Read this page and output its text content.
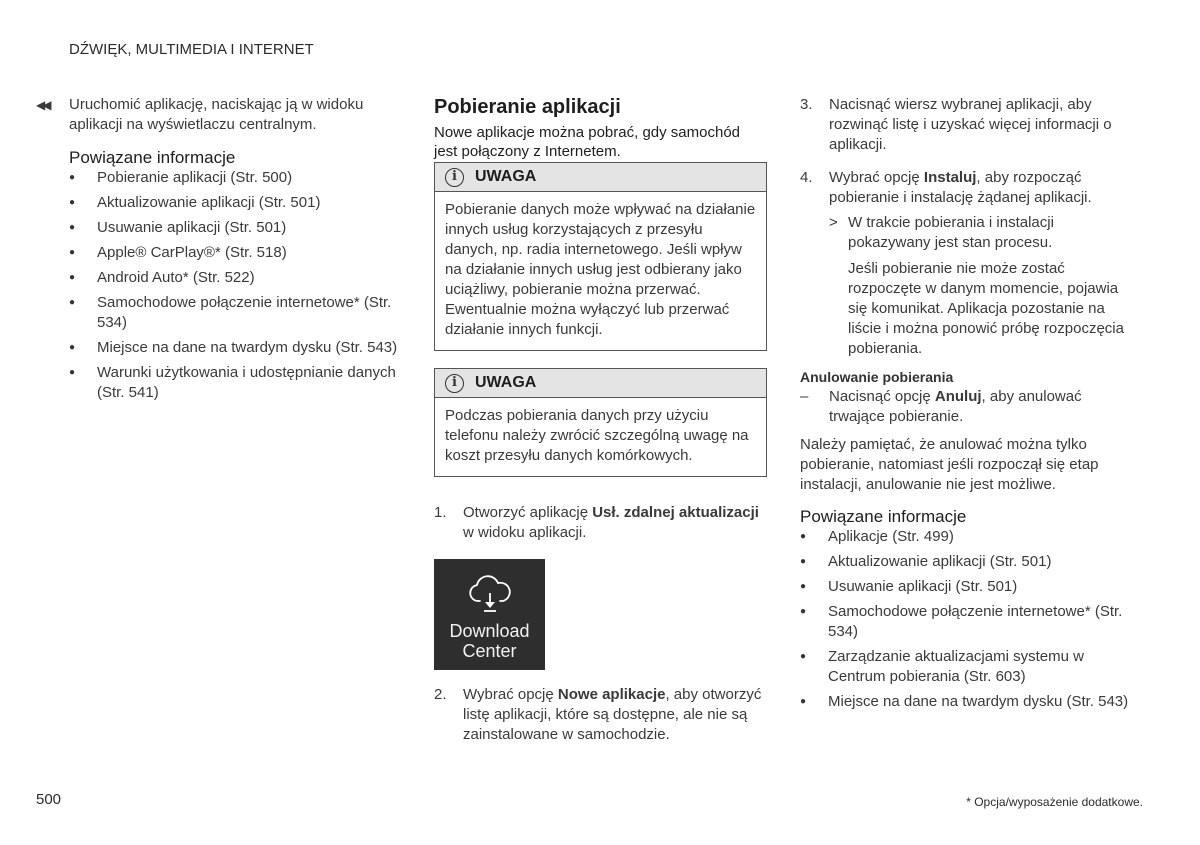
DŹWIĘK, MULTIMEDIA I INTERNET
◀◀ Uruchomić aplikację, naciskając ją w widoku aplikacji na wyświetlaczu centralnym.
Powiązane informacje
● Pobieranie aplikacji (Str. 500)
● Aktualizowanie aplikacji (Str. 501)
● Usuwanie aplikacji (Str. 501)
● Apple® CarPlay®* (Str. 518)
● Android Auto* (Str. 522)
● Samochodowe połączenie internetowe* (Str. 534)
● Miejsce na dane na twardym dysku (Str. 543)
● Warunki użytkowania i udostępnianie danych (Str. 541)
Pobieranie aplikacji

Nowe aplikacje można pobrać, gdy samochód jest połączony z Internetem.

i	UWAGA
Pobieranie danych może wpływać na działanie innych usług korzystających z przesyłu danych, np. radia internetowego. Jeśli wpływ na działanie innych usług jest odbierany jako uciążliwy, pobieranie można przerwać. Ewentualnie można wyłączyć lub przerwać działanie innych funkcji.
i	UWAGA
Podczas pobierania danych przy użyciu telefonu należy zwrócić szczególną uwagę na koszt przesyłu danych komórkowych.
1. Otworzyć aplikację Usł. zdalnej aktualizacji w widoku aplikacji.
Download Center
2. Wybrać opcję Nowe aplikacje, aby otworzyć listę aplikacji, które są dostępne, ale nie są zainstalowane w samochodzie.
3. Nacisnąć wiersz wybranej aplikacji, aby rozwinąć listę i uzyskać więcej informacji o aplikacji.
4. Wybrać opcję Instaluj, aby rozpocząć pobieranie i instalację żądanej aplikacji.
> W trakcie pobierania i instalacji pokazywany jest stan procesu.

Jeśli pobieranie nie może zostać rozpoczęte w danym momencie, pojawia się komunikat. Aplikacja pozostanie na liście i można ponowić próbę rozpoczęcia pobierania.

Anulowanie pobierania
– Nacisnąć opcję Anuluj, aby anulować trwające pobieranie.

Należy pamiętać, że anulować można tylko pobieranie, natomiast jeśli rozpoczął się etap instalacji, anulowanie nie jest możliwe.

Powiązane informacje
● Aplikacje (Str. 499)
● Aktualizowanie aplikacji (Str. 501)
● Usuwanie aplikacji (Str. 501)
● Samochodowe połączenie internetowe* (Str. 534)
● Zarządzanie aktualizacjami systemu w Centrum pobierania (Str. 603)
● Miejsce na dane na twardym dysku (Str. 543)
500	* Opcja/wyposażenie dodatkowe.
